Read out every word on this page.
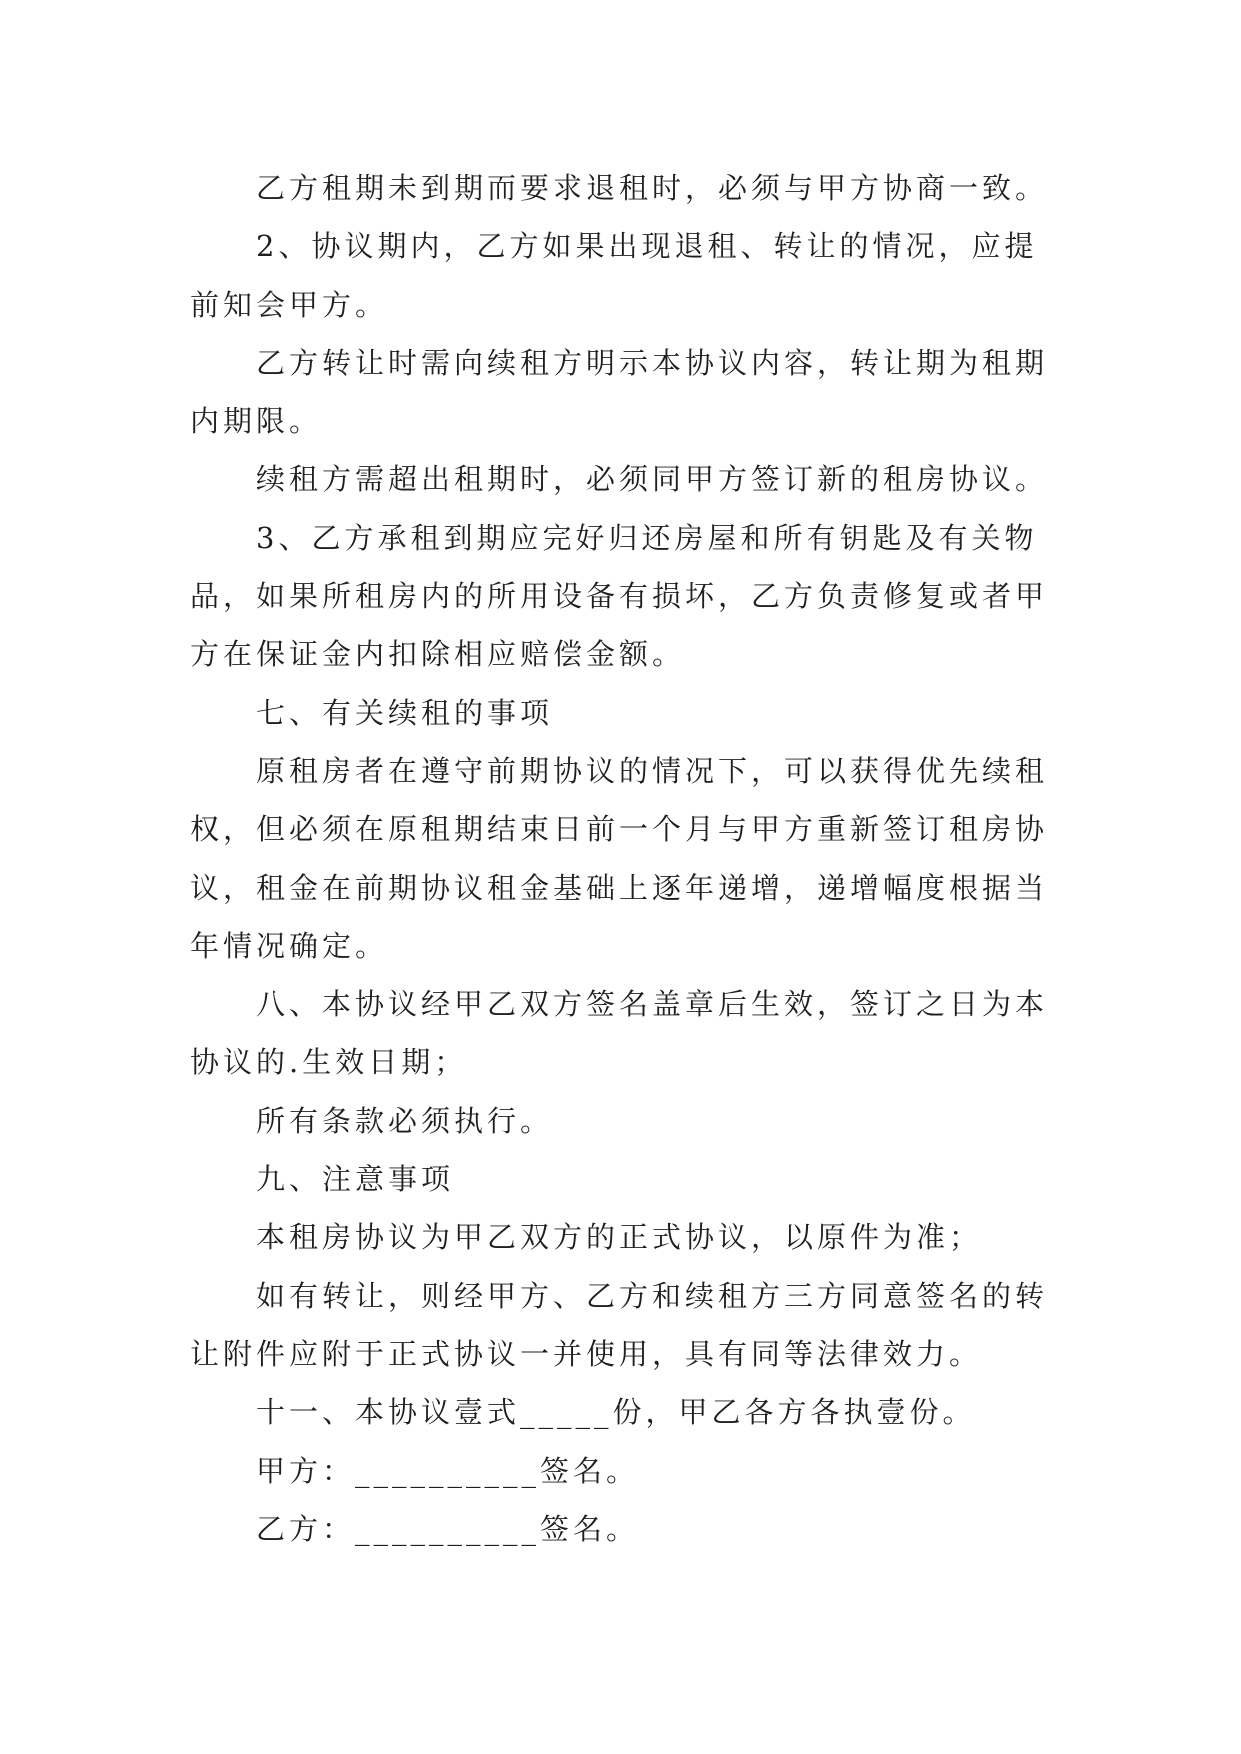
乙方租期未到期而要求退租时，必须与甲方协商一致。
2、协议期内，乙方如果出现退租、转让的情况，应提
前知会甲方。
乙方转让时需向续租方明示本协议内容，转让期为租期
内期限。
续租方需超出租期时，必须同甲方签订新的租房协议。
3、乙方承租到期应完好归还房屋和所有钥匙及有关物
品，如果所租房内的所用设备有损坏，乙方负责修复或者甲
方在保证金内扣除相应赔偿金额。
七、有关续租的事项
原租房者在遵守前期协议的情况下，可以获得优先续租
权，但必须在原租期结束日前一个月与甲方重新签订租房协
议，租金在前期协议租金基础上逐年递增，递增幅度根据当
年情况确定。
八、本协议经甲乙双方签名盖章后生效，签订之日为本
协议的.生效日期；
所有条款必须执行。
九、注意事项
本租房协议为甲乙双方的正式协议，以原件为准；
如有转让，则经甲方、乙方和续租方三方同意签名的转
让附件应附于正式协议一并使用，具有同等法律效力。
十一、本协议壹式_____份，甲乙各方各执壹份。
甲方：__________签名。
乙方：__________签名。
